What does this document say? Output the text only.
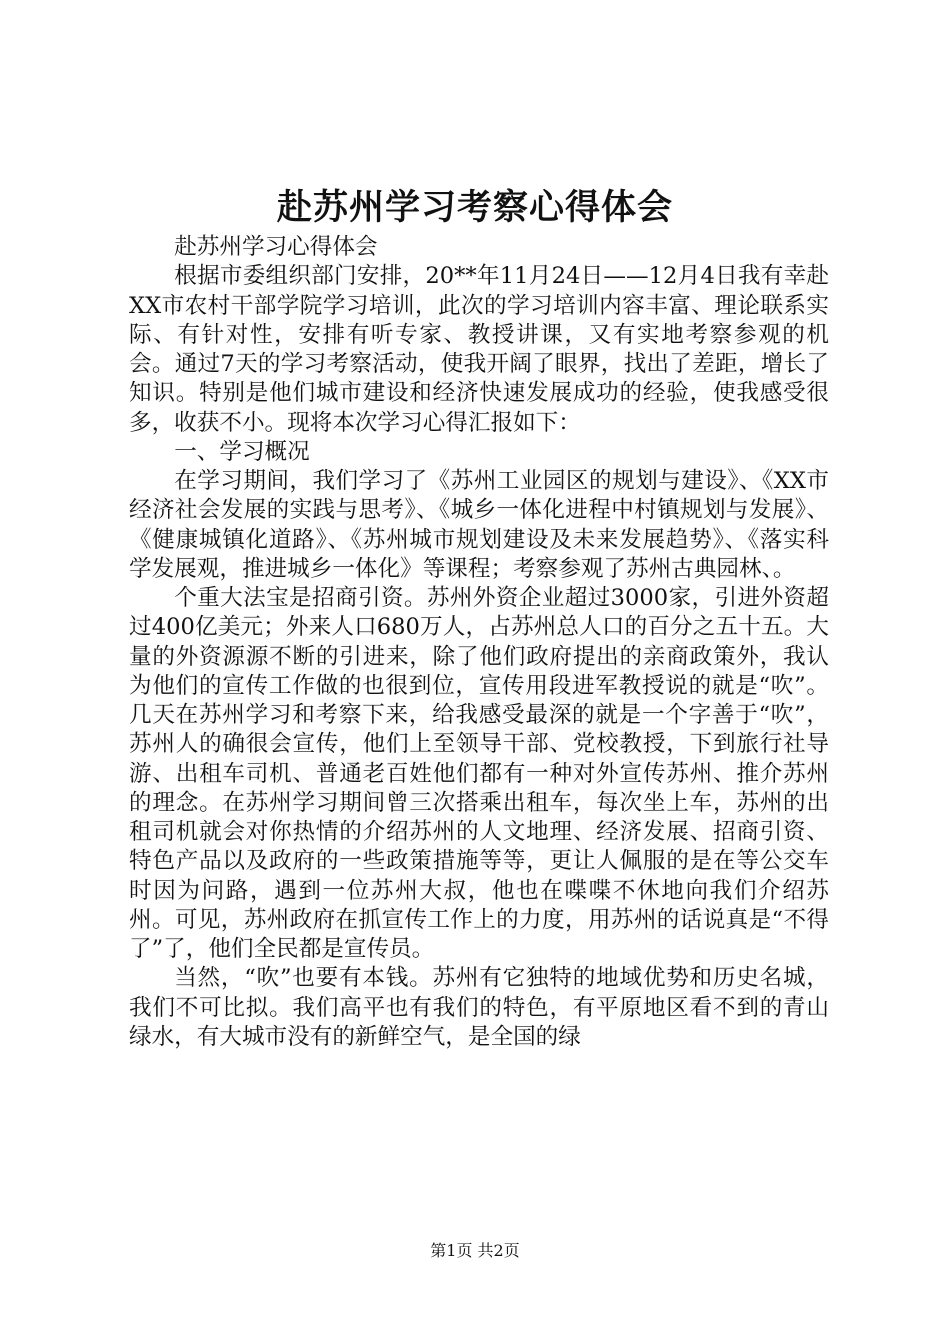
赴苏州学习考察心得体会

赴苏州学习心得体会

根据市委组织部门安排，20**年11月24日——12月4日我有幸赴XX市农村干部学院学习培训，此次的学习培训内容丰富、理论联系实际、有针对性，安排有听专家、教授讲课，又有实地考察参观的机会。通过7天的学习考察活动，使我开阔了眼界，找出了差距，增长了知识。特别是他们城市建设和经济快速发展成功的经验，使我感受很多，收获不小。现将本次学习心得汇报如下：

一、学习概况

在学习期间，我们学习了《苏州工业园区的规划与建设》、《XX市经济社会发展的实践与思考》、《城乡一体化进程中村镇规划与发展》、《健康城镇化道路》、《苏州城市规划建设及未来发展趋势》、《落实科学发展观，推进城乡一体化》等课程；考察参观了苏州古典园林、。

个重大法宝是招商引资。苏州外资企业超过3000家，引进外资超过400亿美元；外来人口680万人，占苏州总人口的百分之五十五。大量的外资源源不断的引进来，除了他们政府提出的亲商政策外，我认为他们的宣传工作做的也很到位，宣传用段进军教授说的就是“吹”。几天在苏州学习和考察下来，给我感受最深的就是一个字善于“吹”，苏州人的确很会宣传，他们上至领导干部、党校教授，下到旅行社导游、出租车司机、普通老百姓他们都有一种对外宣传苏州、推介苏州的理念。在苏州学习期间曾三次搭乘出租车，每次坐上车，苏州的出租司机就会对你热情的介绍苏州的人文地理、经济发展、招商引资、特色产品以及政府的一些政策措施等等，更让人佩服的是在等公交车时因为问路，遇到一位苏州大叔，他也在喋喋不休地向我们介绍苏州。可见，苏州政府在抓宣传工作上的力度，用苏州的话说真是“不得了”了，他们全民都是宣传员。

当然，“吹”也要有本钱。苏州有它独特的地域优势和历史名城，我们不可比拟。我们高平也有我们的特色，有平原地区看不到的青山绿水，有大城市没有的新鲜空气，是全国的绿

第1页 共2页
